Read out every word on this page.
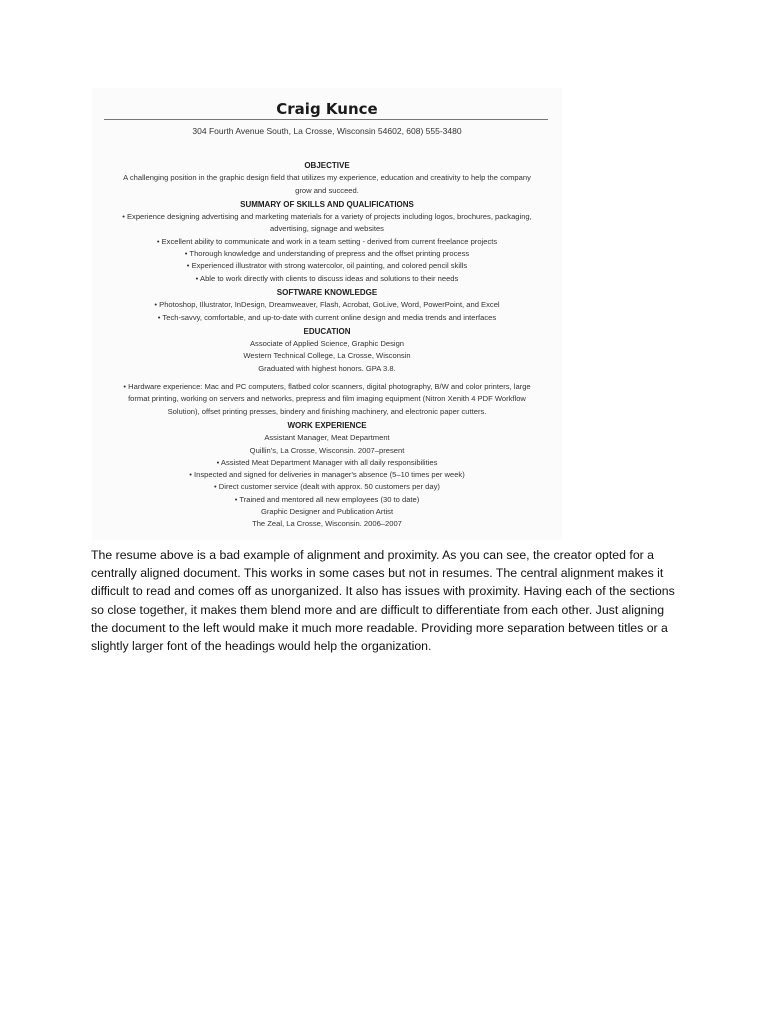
Craig Kunce
304 Fourth Avenue South, La Crosse, Wisconsin 54602, 608) 555-3480
OBJECTIVE
A challenging position in the graphic design field that utilizes my experience, education and creativity to help the company
grow and succeed.
SUMMARY OF SKILLS AND QUALIFICATIONS
• Experience designing advertising and marketing materials for a variety of projects including logos, brochures, packaging,
advertising, signage and websites
• Excellent ability to communicate and work in a team setting - derived from current freelance projects
• Thorough knowledge and understanding of prepress and the offset printing process
• Experienced illustrator with strong watercolor, oil painting, and colored pencil skills
• Able to work directly with clients to discuss ideas and solutions to their needs
SOFTWARE KNOWLEDGE
• Photoshop, Illustrator, InDesign, Dreamweaver, Flash, Acrobat, GoLive, Word, PowerPoint, and Excel
• Tech-savvy, comfortable, and up-to-date with current online design and media trends and interfaces
EDUCATION
Associate of Applied Science, Graphic Design
Western Technical College, La Crosse, Wisconsin
Graduated with highest honors. GPA 3.8.
• Hardware experience: Mac and PC computers, flatbed color scanners, digital photography, B/W and color printers, large
format printing, working on servers and networks, prepress and film imaging equipment (Nitron Xenith 4 PDF Workflow
Solution), offset printing presses, bindery and finishing machinery, and electronic paper cutters.
WORK EXPERIENCE
Assistant Manager, Meat Department
Quillin's, La Crosse, Wisconsin. 2007–present
• Assisted Meat Department Manager with all daily responsibilities
• Inspected and signed for deliveries in manager's absence (5–10 times per week)
• Direct customer service (dealt with approx. 50 customers per day)
• Trained and mentored all new employees (30 to date)
Graphic Designer and Publication Artist
The Zeal, La Crosse, Wisconsin. 2006–2007
The resume above is a bad example of alignment and proximity. As you can see, the creator opted for a centrally aligned document. This works in some cases but not in resumes. The central alignment makes it difficult to read and comes off as unorganized. It also has issues with proximity. Having each of the sections so close together, it makes them blend more and are difficult to differentiate from each other. Just aligning the document to the left would make it much more readable. Providing more separation between titles or a slightly larger font of the headings would help the organization.
